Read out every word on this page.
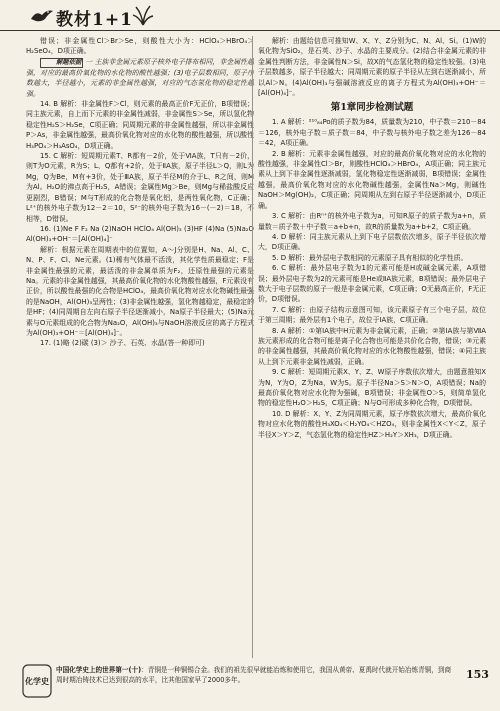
教材1+1

错误；非金属性Cl＞Br＞Se，则酸性大小为：HClO₄＞HBrO₄＞H₂SeO₄，D项正确。

解题依据 一 主族非金属元素原子核外电子排布相同，非金属性越强，对应的最高价氧化物的水化物的酸性越强；(3)电子层数相同，原子序数越大，半径越小，元素的非金属性越强，对应的气态氢化物的稳定性越强。

14. B 解析：非金属性F＞Cl，则元素的最高正价F无正价，B项错误；同主族元素，自上而下元素的非金属性减弱，非金属性S＞Se，所以氢化物稳定性H₂S＞H₂Se，C项正确；同周期元素的非金属性越强，所以非金属性P＞As，非金属性越强，最高价氧化物对应的水化物的酸性越强，所以酸性H₃PO₄＞H₃AsO₄，D项正确。

15. C 解析：短周期元素T、R都有－2价，处于ⅥA族，T只有－2价，则T为O元素，R为S；L、Q都有+2价，处于ⅡA族，原子半径L＞Q，则L为Mg，Q为Be，M有+3价，处于ⅢA族，原子半径M的介于L、R之间，则M为Al。H₂O的沸点高于H₂S，A错误；金属性Mg＞Be，则Mg与稀盐酸反应更剧烈，B错误；M与T形成的化合物是氧化铝，是两性氧化物，C正确；L²⁺的核外电子数为12－2＝10，S²⁻的核外电子数为16－(－2)＝18，不相等，D错误。

16. (1)Ne F F₂ Na (2)NaOH HClO₄ Al(OH)₃ (3)HF (4)Na (5)Na₂O Al(OH)₃+OH⁻＝[Al(OH)₄]⁻

解析：根据元素在周期表中的位置知，A～J分别是H、Na、Al、C、N、P、F、Cl、Ne元素。(1)稀有气体最不活泼，其化学性质最稳定；F是非金属性最强的元素，最活泼的非金属单质为F₂，还原性最强的元素是Na。元素的非金属性越强，其最高价氧化物的水化物酸性越强，F元素没有正价，所以酸性最强的化合物是HClO₄，最高价氧化物对应水化物碱性最强的是NaOH，Al(OH)₃呈两性；(3)非金属性越强，氢化物越稳定，最稳定的是HF；(4)同周期自左向右原子半径逐渐减小，Na原子半径最大；(5)Na元素与O元素组成的化合物为Na₂O，Al(OH)₃与NaOH溶液反应的离子方程式为Al(OH)₃+OH⁻＝[Al(OH)₄]⁻。

17. (1)略 (2)碳 (3)＞ 沙子、石英、水晶(答一种即可)

解析：由题给信息可推知W、X、Y、Z分别为C、N、Al、Si。(1)W的氧化物为SiO₂，是石英、沙子、水晶的主要成分。(2)结合非金属元素的非金属性判断方法，非金属性N＞Si，故X的气态氢化物的稳定性较强。(3)电子层数越多，原子半径越大；同周期元素的原子半径从左到右逐渐减小，所以Al＞N。(4)Al(OH)₃与强碱溶液反应的离子方程式为Al(OH)₃+OH⁻＝[Al(OH)₄]⁻。

第1章同步检测试题

1. A 解析：²¹⁰₈₄Po的质子数为84，质量数为210，中子数＝210－84＝126，核外电子数＝质子数＝84，中子数与核外电子数之差为126－84＝42，A项正确。

2. B 解析：元素非金属性越强，对应的最高价氧化物对应的水化物的酸性越强，非金属性Cl＞Br，则酸性HClO₄＞HBrO₄，A项正确；同主族元素从上到下非金属性逐渐减弱，氢化物稳定性逐渐减弱，B项错误；金属性越强，最高价氧化物对应的水化物碱性越强，金属性Na＞Mg，则碱性NaOH＞Mg(OH)₂，C项正确；同周期从左到右原子半径逐渐减小，D项正确。

3. C 解析：由Rⁿ⁺的核外电子数为a，可知R原子的质子数为a+n，质量数＝质子数＋中子数＝a+b+n，故R的质量数为a+b+2，C项正确。

4. D 解析：同主族元素从上到下电子层数依次增多，原子半径依次增大，D项正确。

5. D 解析：最外层电子数相同的元素原子具有相似的化学性质。

6. C 解析：最外层电子数为1的元素可能是H或碱金属元素，A项错误；最外层电子数为2的元素可能是He或ⅡA族元素，B项错误；最外层电子数大于电子层数的原子一般是非金属元素，C项正确；O无最高正价，F无正价，D项错误。

7. C 解析：由原子结构示意图可知，该元素原子有三个电子层，故位于第三周期；最外层有1个电子，故位于ⅠA族，C项正确。

8. A 解析：①第ⅠA族中H元素为非金属元素，正确；②第ⅠA族与第ⅦA族元素形成的化合物可能是离子化合物也可能是共价化合物，错误；③元素的非金属性越强，其最高价氧化物对应的水化物酸性越强，错误；④同主族从上到下元素非金属性减弱，正确。

9. C 解析：短周期元素X、Y、Z、W原子序数依次增大，由题意推知X为N，Y为O，Z为Na，W为S。原子半径Na＞S＞N＞O，A项错误；Na的最高价氧化物对应水化物为强碱，B项错误；非金属性O＞S，则简单氢化物的稳定性H₂O＞H₂S，C项正确；N与O可形成多种化合物，D项错误。

10. D 解析：X、Y、Z为同周期元素，原子序数依次增大，最高价氧化物对应水化物的酸性H₃XO₄＜H₂YO₄＜HZO₄，则非金属性X＜Y＜Z，原子半径X＞Y＞Z，气态氢化物的稳定性HZ＞H₂Y＞XH₃，D项正确。

化学史
中国化学史上的世界第一(十)：青铜是一种铜锡合金。我们的祖先很早就能冶炼和使用它，我国从黄帝、夏禹时代就开始冶炼青铜，到商周时期冶铸技术已达到很高的水平，比其他国家早了2000多年。	153
